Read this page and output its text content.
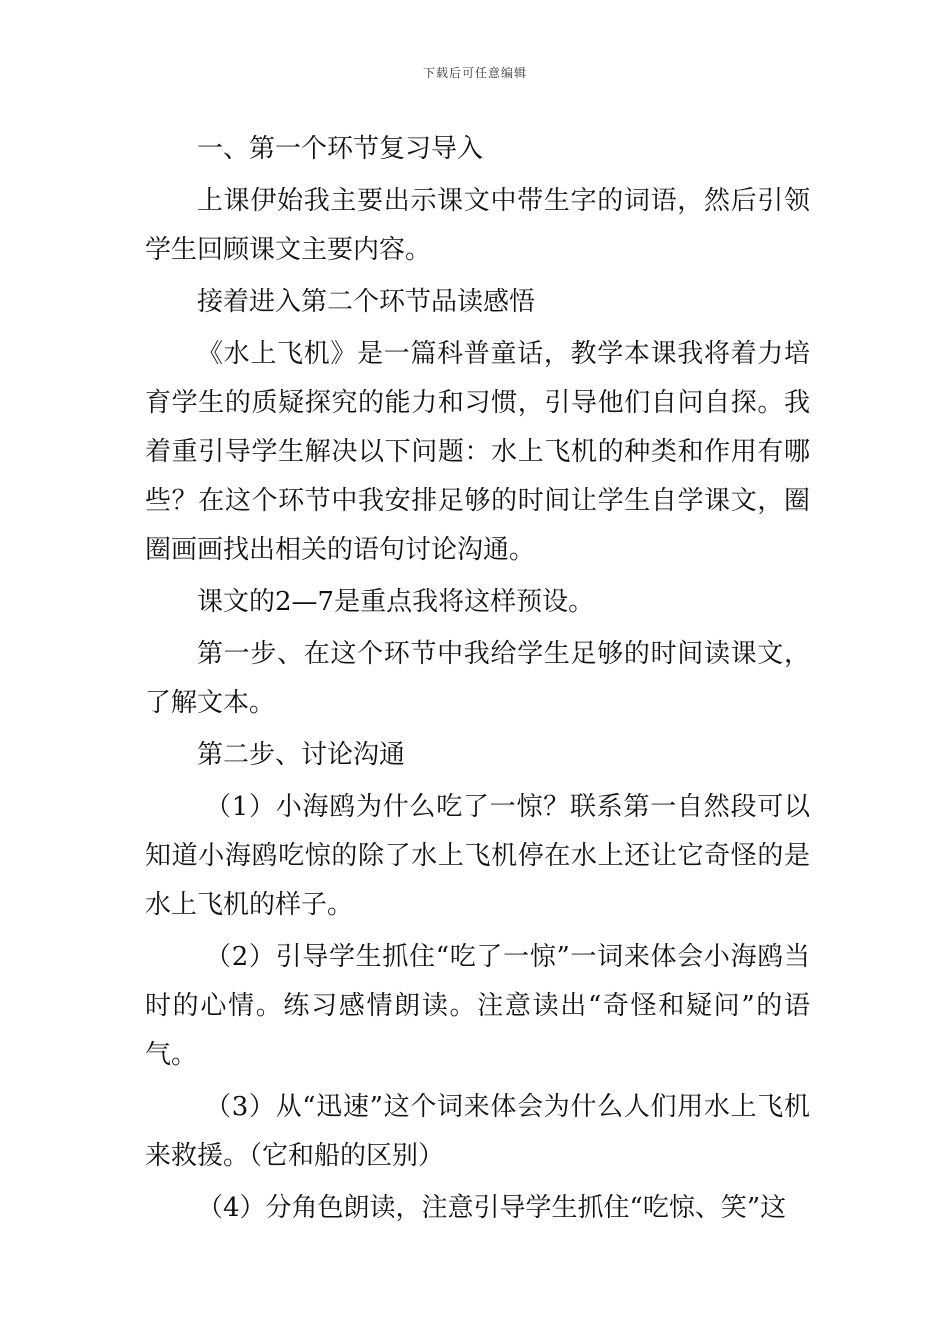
下载后可任意编辑

一、第一个环节复习导入

上课伊始我主要出示课文中带生字的词语，然后引领学生回顾课文主要内容。

接着进入第二个环节品读感悟

《水上飞机》是一篇科普童话，教学本课我将着力培育学生的质疑探究的能力和习惯，引导他们自问自探。我着重引导学生解决以下问题：水上飞机的种类和作用有哪些？在这个环节中我安排足够的时间让学生自学课文，圈圈画画找出相关的语句讨论沟通。

课文的2—7是重点我将这样预设。

第一步、在这个环节中我给学生足够的时间读课文，了解文本。

第二步、讨论沟通

（1）小海鸥为什么吃了一惊？联系第一自然段可以知道小海鸥吃惊的除了水上飞机停在水上还让它奇怪的是水上飞机的样子。

（2）引导学生抓住“吃了一惊”一词来体会小海鸥当时的心情。练习感情朗读。注意读出“奇怪和疑问”的语气。

（3）从“迅速”这个词来体会为什么人们用水上飞机来救援。（它和船的区别）

（4）分角色朗读，注意引导学生抓住“吃惊、笑”这
